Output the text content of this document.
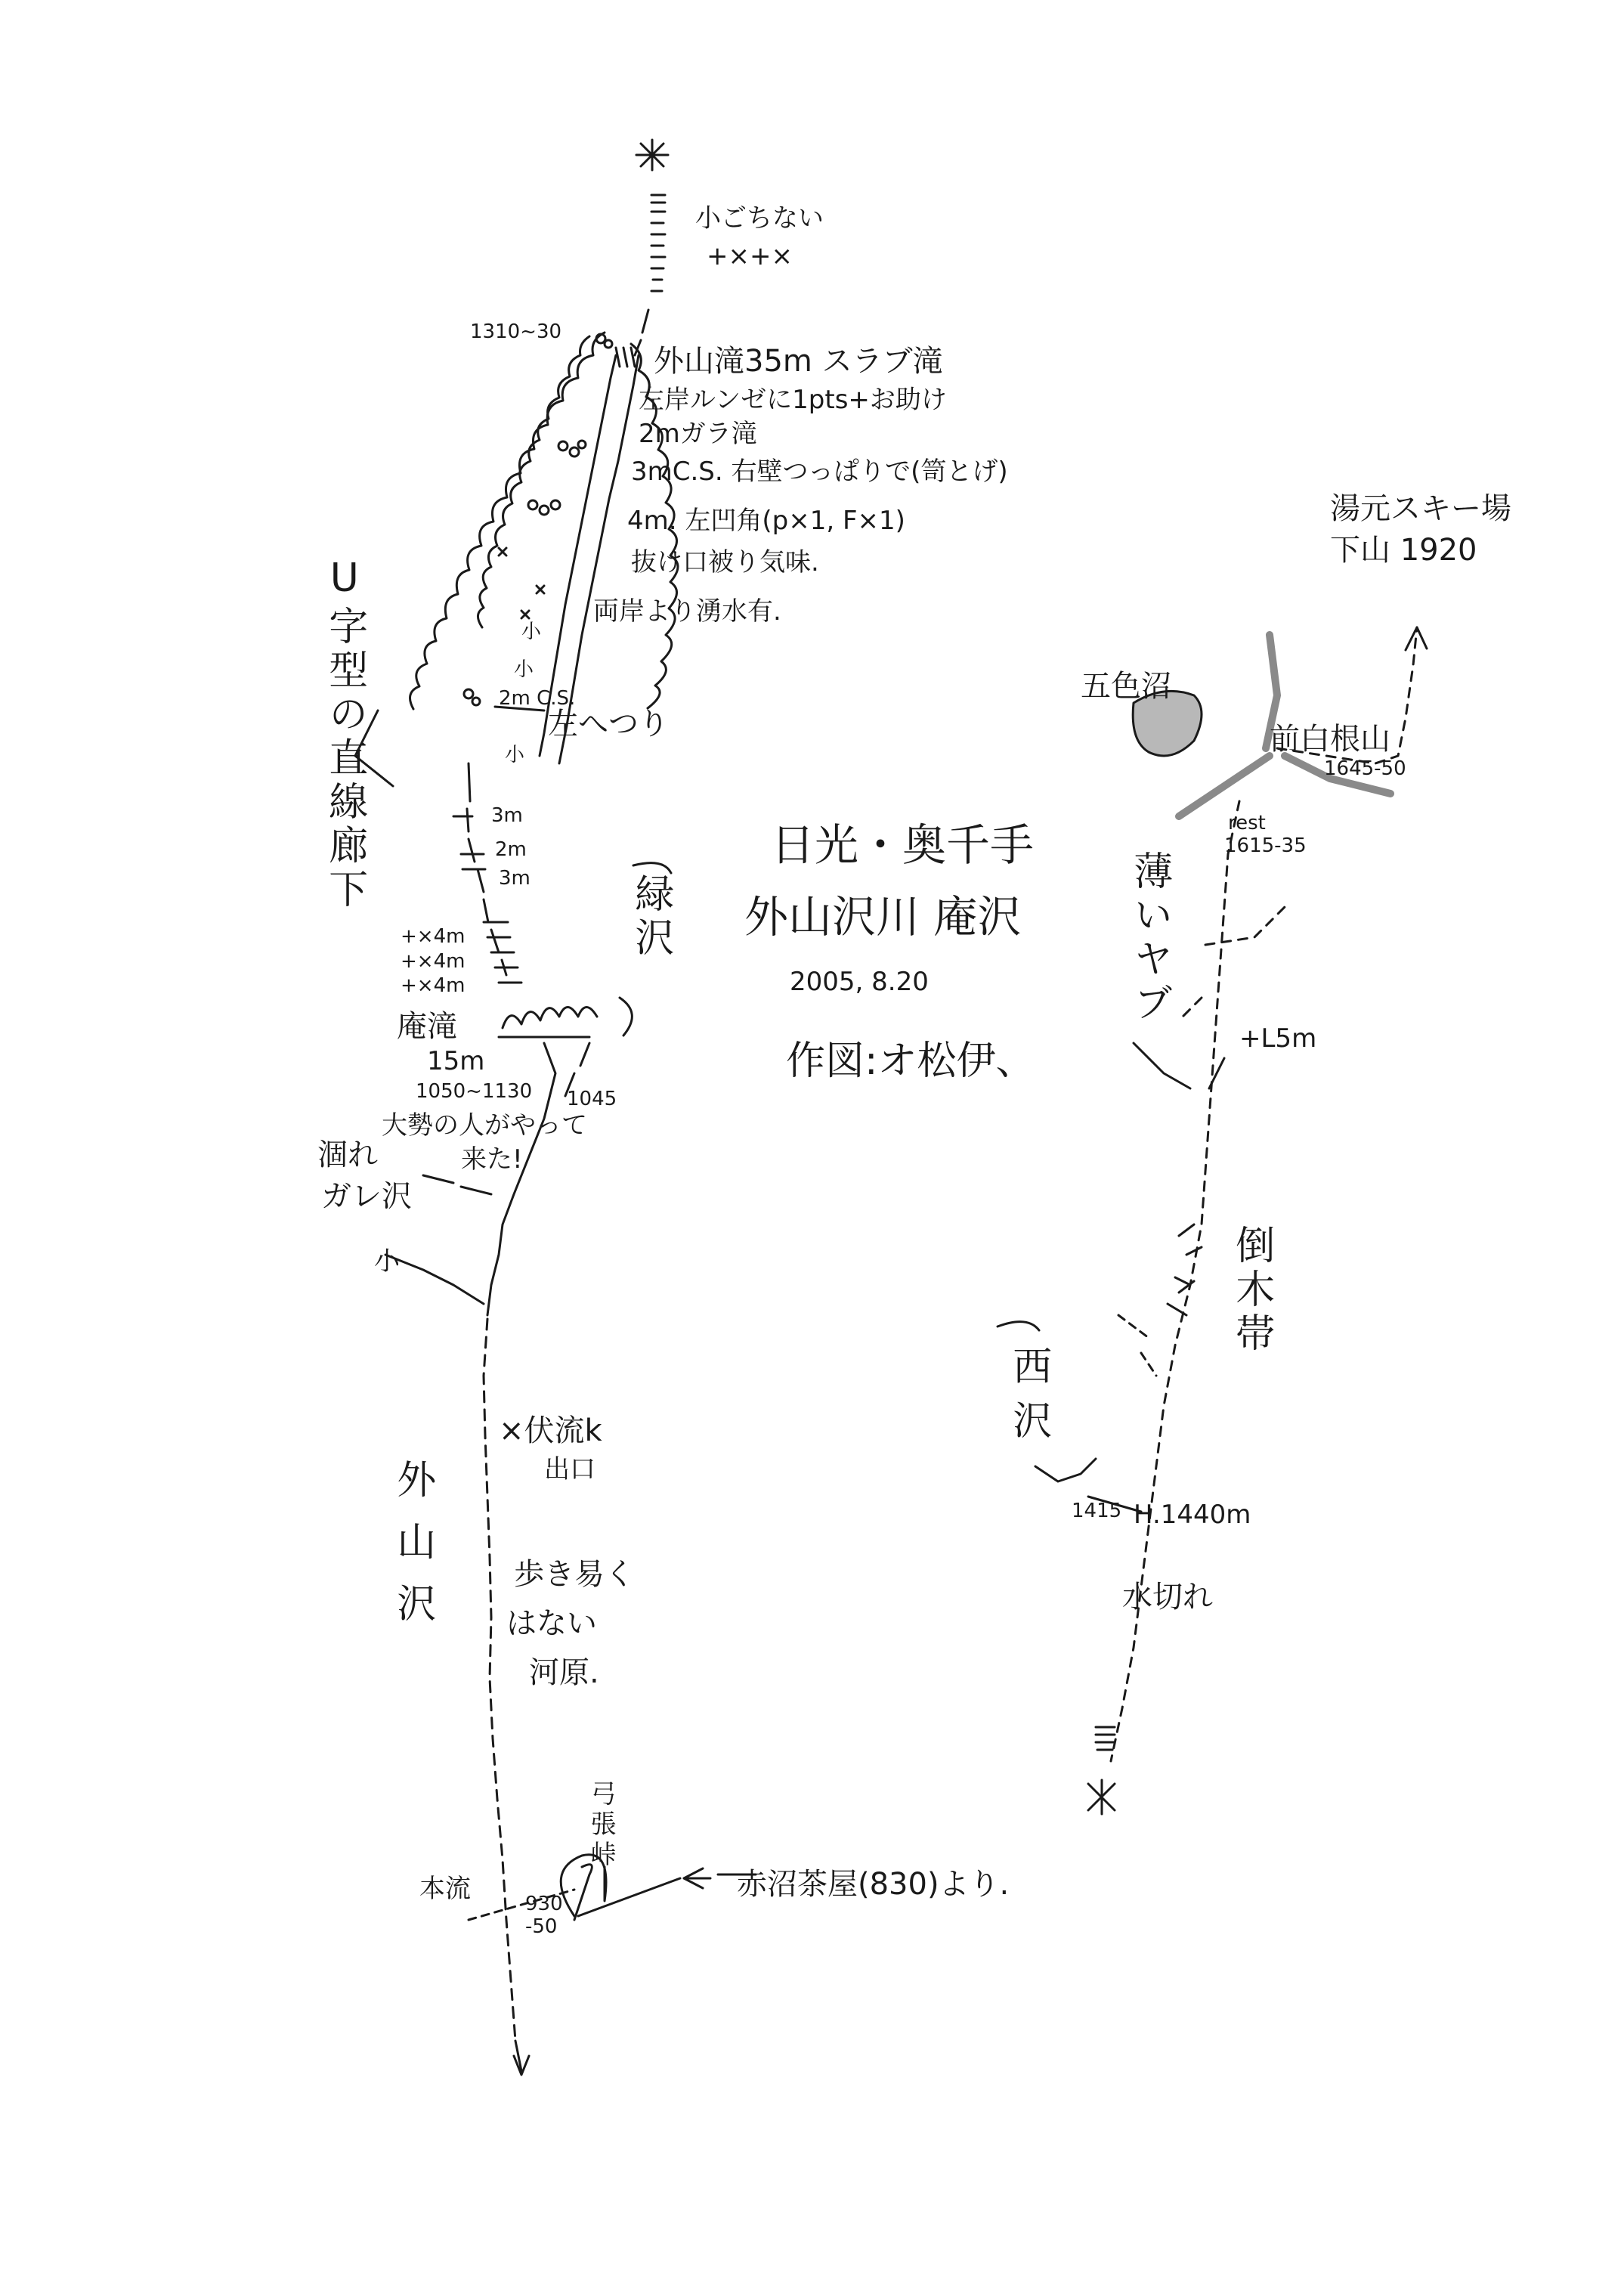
日光・奥千手
外山沢川 庵沢
2005, 8.20
作図:オ松伊、
小ごちない
+×+×
1310~30
外山滝35m スラブ滝
左岸ルンゼに1pts+お助け
2mガラ滝
3mC.S. 右壁つっぱりで(笥とげ)
4m. 左凹角(p×1, F×1)
抜け口被り気味.
両岸より湧水有.
小
小
小
2m C.S.
左へつり
U字型の直線廊下	3m
2m
3m
+×4m
+×4m
+×4m
緑沢
庵滝
15m
1050~1130 1045
大勢の人がやって
来た!
涸れ
ガレ沢
小
×伏流k
出口
歩き易く
はない
河原.
外山沢
弓張峠
赤沼茶屋(830)より.
本流	930
-50
湯元スキー場
下山 1920
五色沼
前白根山
1645-50
rest
1615-35
薄いヤブ
+L5m
倒木帯
西沢
1415 H.1440m
水切れ
